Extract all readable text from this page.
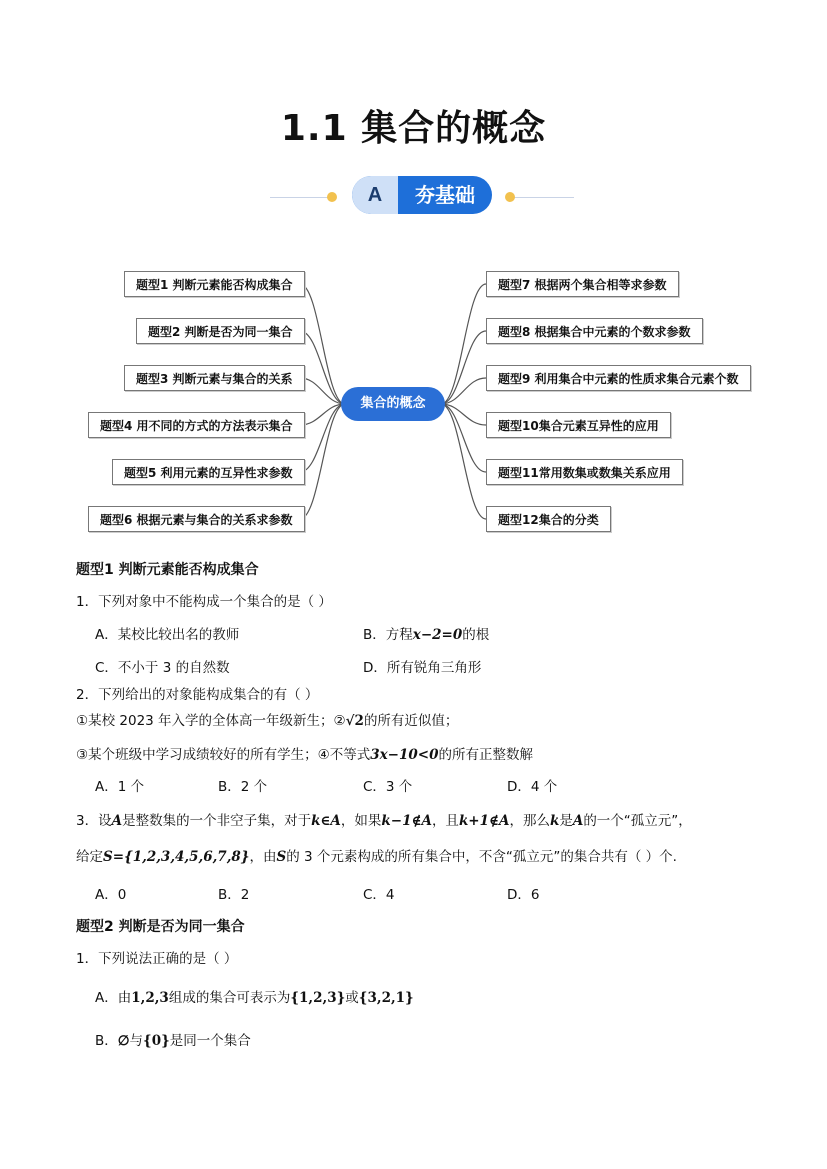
1.1 集合的概念
A	夯基础
题型1 判断元素能否构成集合
题型2 判断是否为同一集合
题型3 判断元素与集合的关系
题型4 用不同的方式的方法表示集合
题型5 利用元素的互异性求参数
题型6 根据元素与集合的关系求参数
集合的概念
题型7 根据两个集合相等求参数
题型8 根据集合中元素的个数求参数
题型9 利用集合中元素的性质求集合元素个数
题型10集合元素互异性的应用
题型11常用数集或数集关系应用
题型12集合的分类
题型1 判断元素能否构成集合
1．下列对象中不能构成一个集合的是（ ）
A．某校比较出名的教师	B．方程x−2=0的根
C．不小于 3 的自然数	D．所有锐角三角形
2．下列给出的对象能构成集合的有（ ）
①某校 2023 年入学的全体高一年级新生；②√2的所有近似值；
③某个班级中学习成绩较好的所有学生；④不等式3x−10<0的所有正整数解
A．1 个	B．2 个	C．3 个	D．4 个
3．设A是整数集的一个非空子集，对于k∈A，如果k−1∉A，且k+1∉A，那么k是A的一个“孤立元”，
给定S={1,2,3,4,5,6,7,8}，由S的 3 个元素构成的所有集合中，不含“孤立元”的集合共有（ ）个.
A．0	B．2	C．4	D．6
题型2 判断是否为同一集合
1．下列说法正确的是（ ）
A．由1,2,3组成的集合可表示为{1,2,3}或{3,2,1}
B．∅与{0}是同一个集合
